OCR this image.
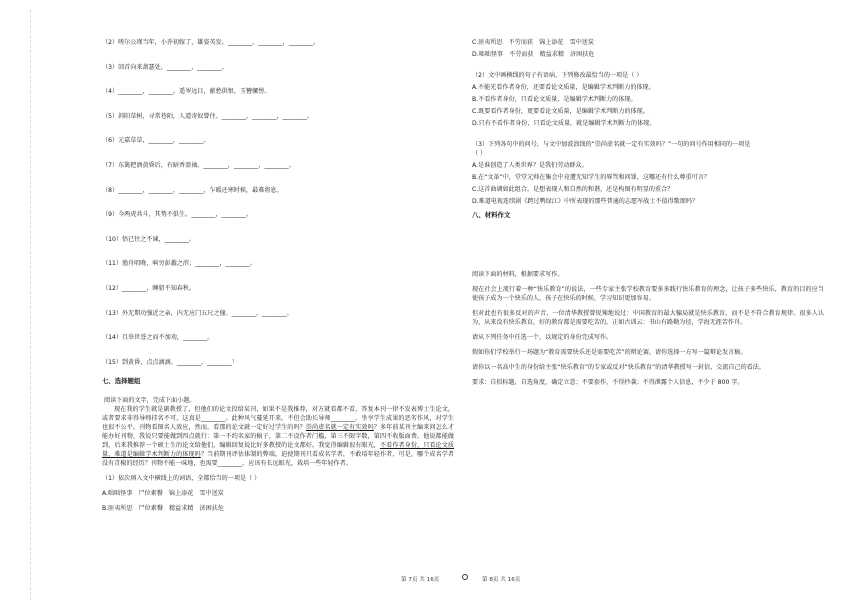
（2）嗟尔公瑾当年，小乔初嫁了，雄姿英发。________，________，________。
（3）回首向来萧瑟处，________，________。
（4）________，________。遥岑远目，献愁供恨，玉簪螺髻。
（5）斜阳草树，寻常巷陌，人道寄奴曾住。________，________，________。
（6）元嘉草草，________，________。
（7）东篱把酒黄昏后，有暗香盈袖。________，________，________。
（8）________，________，________，乍暖还寒时候，最难将息。
（9）今两虎共斗，其势不俱生。________，________。
（10）悟已往之不谏，________。
（11）渔舟唱晚，响穷彭蠡之滨；________，________。
（12）________，睡貂不知春秋。
（13）外无期功强近之亲，内无应门五尺之僮。________，________。
（14）且举世誉之而不加劝，________。
（15）到黄昏，点点滴滴。________，________！
七、选择题组
阅读下面的文字，完成下面小题。
现在我的学生就是副教授了，但他们的论文投给某刊，如果不是我推荐，对方就看都不看，答复本刊一律不发表博士生论文，或者要求非得导师挂名不可，这真是________。此种风气蔓延开来，不但会助长导师________，坐享学生成果的恶劣作风，对学生也很不公平。刊物看图名人效应，然而，看那的论文就一定好过学生的吗？崇尚虚名就一定有实效吗？多年前某刊主编来问怎么才能办好刊物，我说只要能做到四点就行：第一不约名家的稿子，第二不设作者门槛，第三不限字数，第四不收版面费。他说都能做到，后来我推荐一个硕士生的论文给他们，编辑回复说比好多教授的论文都好。我觉得编辑很有眼光，不看作者身份，只看论文质量，难道是编辑学术判断力的体现吗？当前期刊评估体制的弊端，迫使期刊只看成名学者，不敢培年轻作者，可是，哪个成名学者没有青椒的经历？刊物不能一味地，也需要________，应该有长远眼光，栽培一些年轻作者。
（1）依次填入文中横线上的词语，全都恰当的一项是（ ）
A.咄咄怪事　尸位素餐　锦上添花　雪中送炭
B.匪夷所思　尸位素餐　精益求精　济困扶危
C.匪夷所思　不劳而获　锦上添花　雪中送炭
D.咄咄怪事　不劳而获　精益求精　济困扶危
（2）文中画横线的句子有语病，下列修改最恰当的一项是（ ）
A.不能光看作者身份，还要看论文质量，是编辑学术判断力的体现。
B.不看作者身份，只看论文质量，是编辑学术判断力的体现。
C.既要看作者身份，更要看论文质量，是编辑学术判断力的体现。
D.只有不看作者身份，只看论文质量，就是编辑学术判断力的体现。
（3）下列各句中的问号，与文中加波浪线的“崇尚虚名就一定有实效吗？”一句的问号作用相同的一项是
（ ）
A.是谁创造了人类世界？是我们劳动群众。
B.在“文革”中，堂堂元帅在集会中竟遭无知学生的辱骂和问罪，这哪还有什么尊重可言？
C.这首曲调如此组合，是想表现人和自然的和谐，还是构图有明显的重合？
D.难道电视连续剧《跨过鸭绿江》中所表现的那些普通的志愿军战士不值得歌颂吗？
八、材料作文
阅读下面的材料，根据要求写作。
现在社会上流行着一种“快乐教育”的说法，一些专家主张学校教育要多多践行快乐教育的理念，让孩子多些快乐，教育的目的应当使孩子成为一个快乐的人，孩子在快乐的时候，学习知识更加容易。
但对此也有很多反对的声音，一位清华教授曾锐辣地说过：中国教育的最大骗局就是快乐教育，而不是不符合教育规律。很多人认为，从来没有快乐教育，好的教育都是需要吃苦的，正如古训云：书山有路勤为径，学海无涯苦作舟。
请从下列任务中任选一个，以规定的身份完成写作。
假如你们学校举行一场题为“教育需要快乐还是需要吃苦”的辩论赛，请你选择一方写一篇辩论发言稿。
请你以一名高中生的身份给主张“快乐教育”的专家或反对“快乐教育”的清华教授写一封信，交流自己的看法。
要求：自拟标题，自选角度，确定立意；不要套作，不得抄袭；不得泄露个人信息，不少于 800 字。
第 7页 共 16页	第 8页 共 16页
